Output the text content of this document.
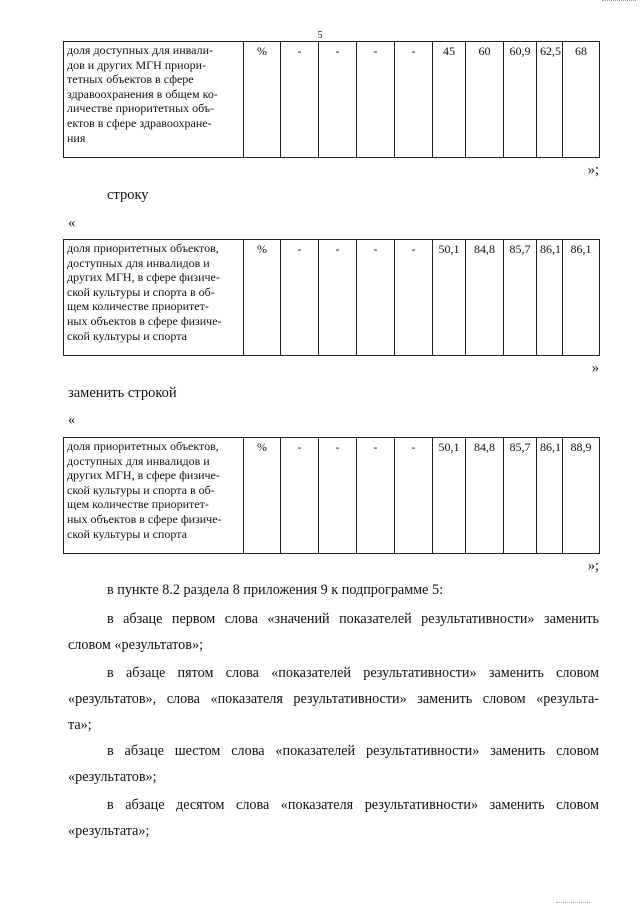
5
доля доступных для инвали-
дов и других МГН приори-
тетных объектов в сфере
здравоохранения в общем ко-
личестве приоритетных объ-
ектов в сфере здравоохране-
ния
	%	-	-	-	-	45	60	60,9	62,5	68
»;
строку
«
доля приоритетных объектов,
доступных для инвалидов и
других МГН, в сфере физиче-
ской культуры и спорта в об-
щем количестве приоритет-
ных объектов в сфере физиче-
ской культуры и спорта
	%	-	-	-	-	50,1	84,8	85,7	86,1	86,1
»
заменить строкой
«
доля приоритетных объектов,
доступных для инвалидов и
других МГН, в сфере физиче-
ской культуры и спорта в об-
щем количестве приоритет-
ных объектов в сфере физиче-
ской культуры и спорта
	%	-	-	-	-	50,1	84,8	85,7	86,1	88,9
»;
в пункте 8.2 раздела 8 приложения 9 к подпрограмме 5:
в абзаце первом слова «значений показателей результативности» заменить
словом «результатов»;
в абзаце пятом слова «показателей результативности» заменить словом
«результатов», слова «показателя результативности» заменить словом «результа-
та»;
в абзаце шестом слова «показателей результативности» заменить словом
«результатов»;
в абзаце десятом слова «показателя результативности» заменить словом
«результата»;
